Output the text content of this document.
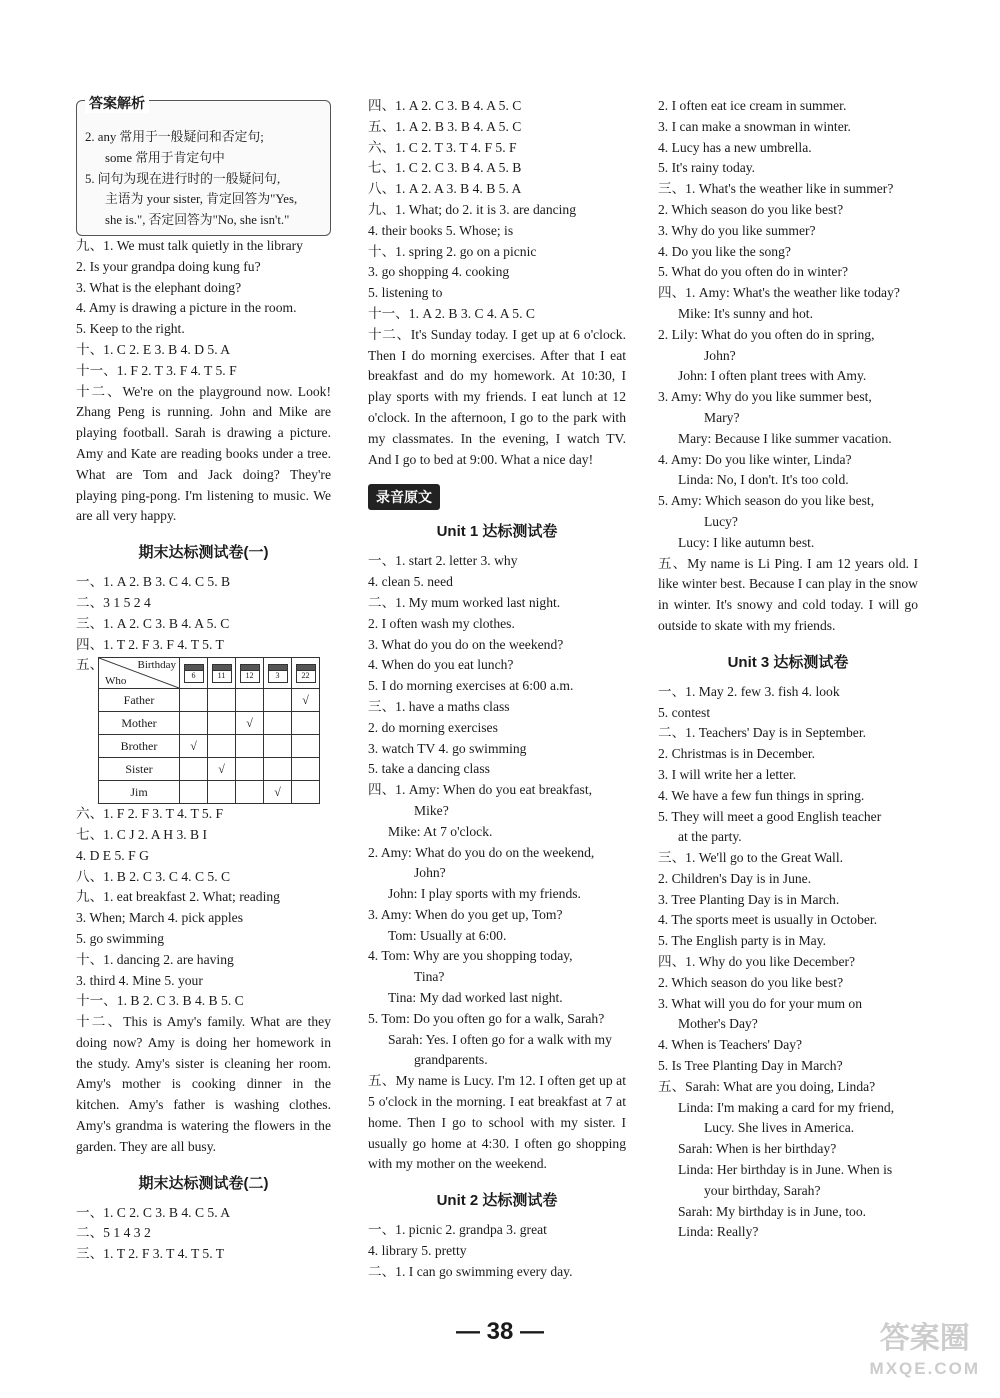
答案解析
2. any 常用于一般疑问和否定句;
some 常用于肯定句中
5. 问句为现在进行时的一般疑问句,
主语为 your sister, 肯定回答为"Yes,
she is.", 否定回答为"No, she isn't."
九、1. We must talk quietly in the library
2. Is your grandpa doing kung fu?
3. What is the elephant doing?
4. Amy is drawing a picture in the room.
5. Keep to the right.
十、1. C 2. E 3. B 4. D 5. A
十一、1. F 2. T 3. F 4. T 5. F
十二、We're on the playground now. Look! Zhang Peng is running. John and Mike are playing football. Sarah is drawing a picture. Amy and Kate are reading books under a tree. What are Tom and Jack doing? They're playing ping-pong. I'm listening to music. We are all very happy.
期末达标测试卷(一)
一、1. A 2. B 3. C 4. C 5. B
二、3 1 5 2 4
三、1. A 2. C 3. B 4. A 5. C
四、1. T 2. F 3. F 4. T 5. T
五、	Birthday
Who	6	11	12	3	22

Father					√
Mother			√		
Brother	√				
Sister		√			
Jim				√	
六、1. F 2. F 3. T 4. T 5. F
七、1. C J 2. A H 3. B I
4. D E 5. F G
八、1. B 2. C 3. C 4. C 5. C
九、1. eat breakfast 2. What; reading
3. When; March 4. pick apples
5. go swimming
十、1. dancing 2. are having
3. third 4. Mine 5. your
十一、1. B 2. C 3. B 4. B 5. C
十二、This is Amy's family. What are they doing now? Amy is doing her homework in the study. Amy's sister is cleaning her room. Amy's mother is cooking dinner in the kitchen. Amy's father is washing clothes. Amy's grandma is watering the flowers in the garden. They are all busy.
期末达标测试卷(二)
一、1. C 2. C 3. B 4. C 5. A
二、5 1 4 3 2
三、1. T 2. F 3. T 4. T 5. T
四、1. A 2. C 3. B 4. A 5. C
五、1. A 2. B 3. B 4. A 5. C
六、1. C 2. T 3. T 4. F 5. F
七、1. C 2. C 3. B 4. A 5. B
八、1. A 2. A 3. B 4. B 5. A
九、1. What; do 2. it is 3. are dancing
4. their books 5. Whose; is
十、1. spring 2. go on a picnic
3. go shopping 4. cooking
5. listening to
十一、1. A 2. B 3. C 4. A 5. C
十二、It's Sunday today. I get up at 6 o'clock. Then I do morning exercises. After that I eat breakfast and do my homework. At 10:30, I play sports with my friends. I eat lunch at 12 o'clock. In the afternoon, I go to the park with my classmates. In the evening, I watch TV. And I go to bed at 9:00. What a nice day!
录音原文
Unit 1 达标测试卷
一、1. start 2. letter 3. why
4. clean 5. need
二、1. My mum worked last night.
2. I often wash my clothes.
3. What do you do on the weekend?
4. When do you eat lunch?
5. I do morning exercises at 6:00 a.m.
三、1. have a maths class
2. do morning exercises
3. watch TV 4. go swimming
5. take a dancing class
四、1. Amy: When do you eat breakfast,
Mike?
Mike: At 7 o'clock.
2. Amy: What do you do on the weekend,
John?
John: I play sports with my friends.
3. Amy: When do you get up, Tom?
Tom: Usually at 6:00.
4. Tom: Why are you shopping today,
Tina?
Tina: My dad worked last night.
5. Tom: Do you often go for a walk, Sarah?
Sarah: Yes. I often go for a walk with my
grandparents.
五、My name is Lucy. I'm 12. I often get up at 5 o'clock in the morning. I eat breakfast at 7 at home. Then I go to school with my sister. I usually go home at 4:30. I often go shopping with my mother on the weekend.
Unit 2 达标测试卷
一、1. picnic 2. grandpa 3. great
4. library 5. pretty
二、1. I can go swimming every day.
2. I often eat ice cream in summer.
3. I can make a snowman in winter.
4. Lucy has a new umbrella.
5. It's rainy today.
三、1. What's the weather like in summer?
2. Which season do you like best?
3. Why do you like summer?
4. Do you like the song?
5. What do you often do in winter?
四、1. Amy: What's the weather like today?
Mike: It's sunny and hot.
2. Lily: What do you often do in spring,
John?
John: I often plant trees with Amy.
3. Amy: Why do you like summer best,
Mary?
Mary: Because I like summer vacation.
4. Amy: Do you like winter, Linda?
Linda: No, I don't. It's too cold.
5. Amy: Which season do you like best,
Lucy?
Lucy: I like autumn best.
五、My name is Li Ping. I am 12 years old. I like winter best. Because I can play in the snow in winter. It's snowy and cold today. I will go outside to skate with my friends.
Unit 3 达标测试卷
一、1. May 2. few 3. fish 4. look
5. contest
二、1. Teachers' Day is in September.
2. Christmas is in December.
3. I will write her a letter.
4. We have a few fun things in spring.
5. They will meet a good English teacher
at the party.
三、1. We'll go to the Great Wall.
2. Children's Day is in June.
3. Tree Planting Day is in March.
4. The sports meet is usually in October.
5. The English party is in May.
四、1. Why do you like December?
2. Which season do you like best?
3. What will you do for your mum on
Mother's Day?
4. When is Teachers' Day?
5. Is Tree Planting Day in March?
五、Sarah: What are you doing, Linda?
Linda: I'm making a card for my friend,
Lucy. She lives in America.
Sarah: When is her birthday?
Linda: Her birthday is in June. When is
your birthday, Sarah?
Sarah: My birthday is in June, too.
Linda: Really?
— 38 —	答案圈
MXQE.COM
